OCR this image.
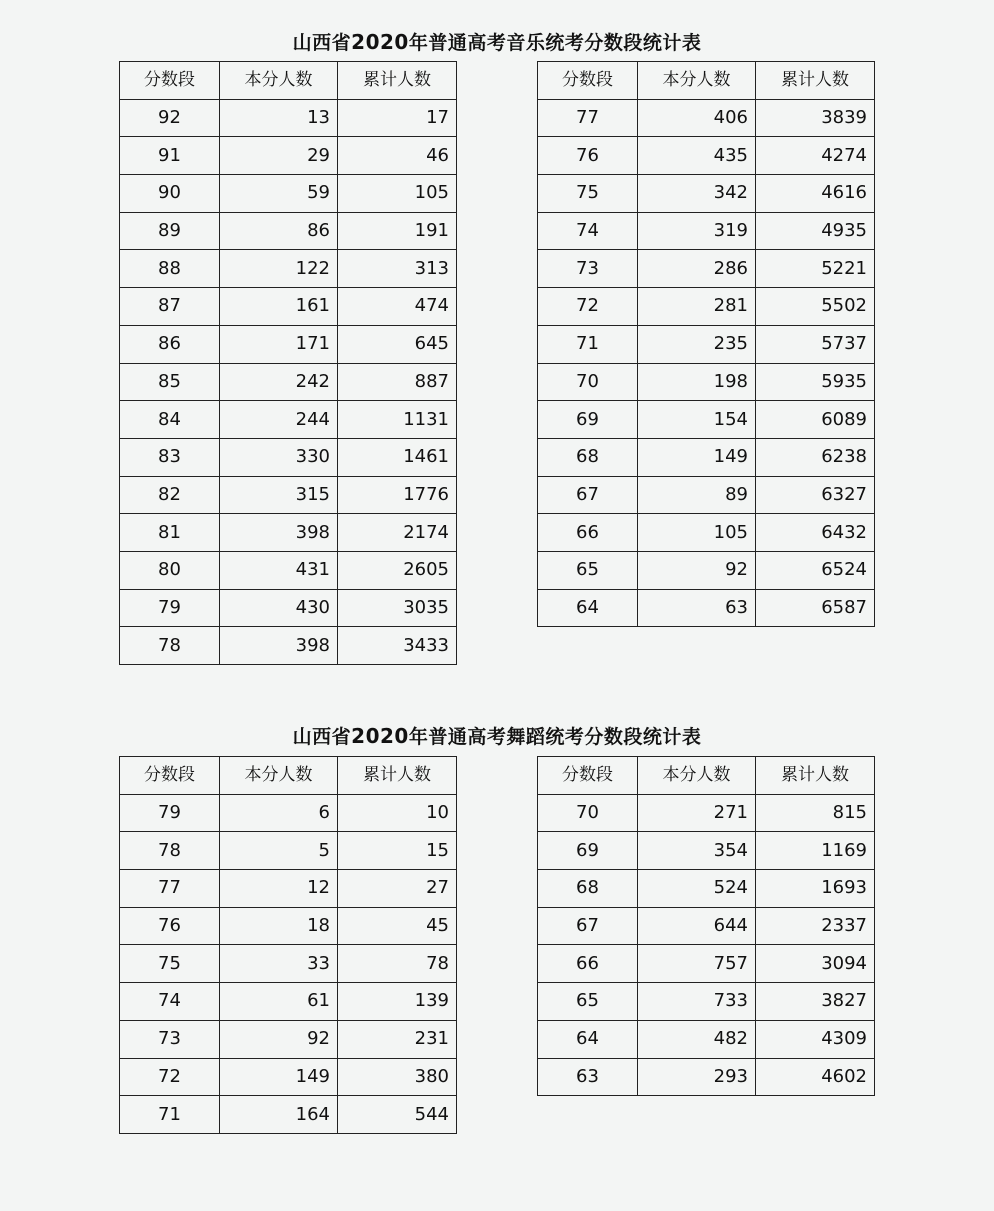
山西省2020年普通高考音乐统考分数段统计表
分数段	本分人数	累计人数
92	13	17
91	29	46
90	59	105
89	86	191
88	122	313
87	161	474
86	171	645
85	242	887
84	244	1131
83	330	1461
82	315	1776
81	398	2174
80	431	2605
79	430	3035
78	398	3433
分数段	本分人数	累计人数
77	406	3839
76	435	4274
75	342	4616
74	319	4935
73	286	5221
72	281	5502
71	235	5737
70	198	5935
69	154	6089
68	149	6238
67	89	6327
66	105	6432
65	92	6524
64	63	6587
山西省2020年普通高考舞蹈统考分数段统计表
分数段	本分人数	累计人数
79	6	10
78	5	15
77	12	27
76	18	45
75	33	78
74	61	139
73	92	231
72	149	380
71	164	544
分数段	本分人数	累计人数
70	271	815
69	354	1169
68	524	1693
67	644	2337
66	757	3094
65	733	3827
64	482	4309
63	293	4602
